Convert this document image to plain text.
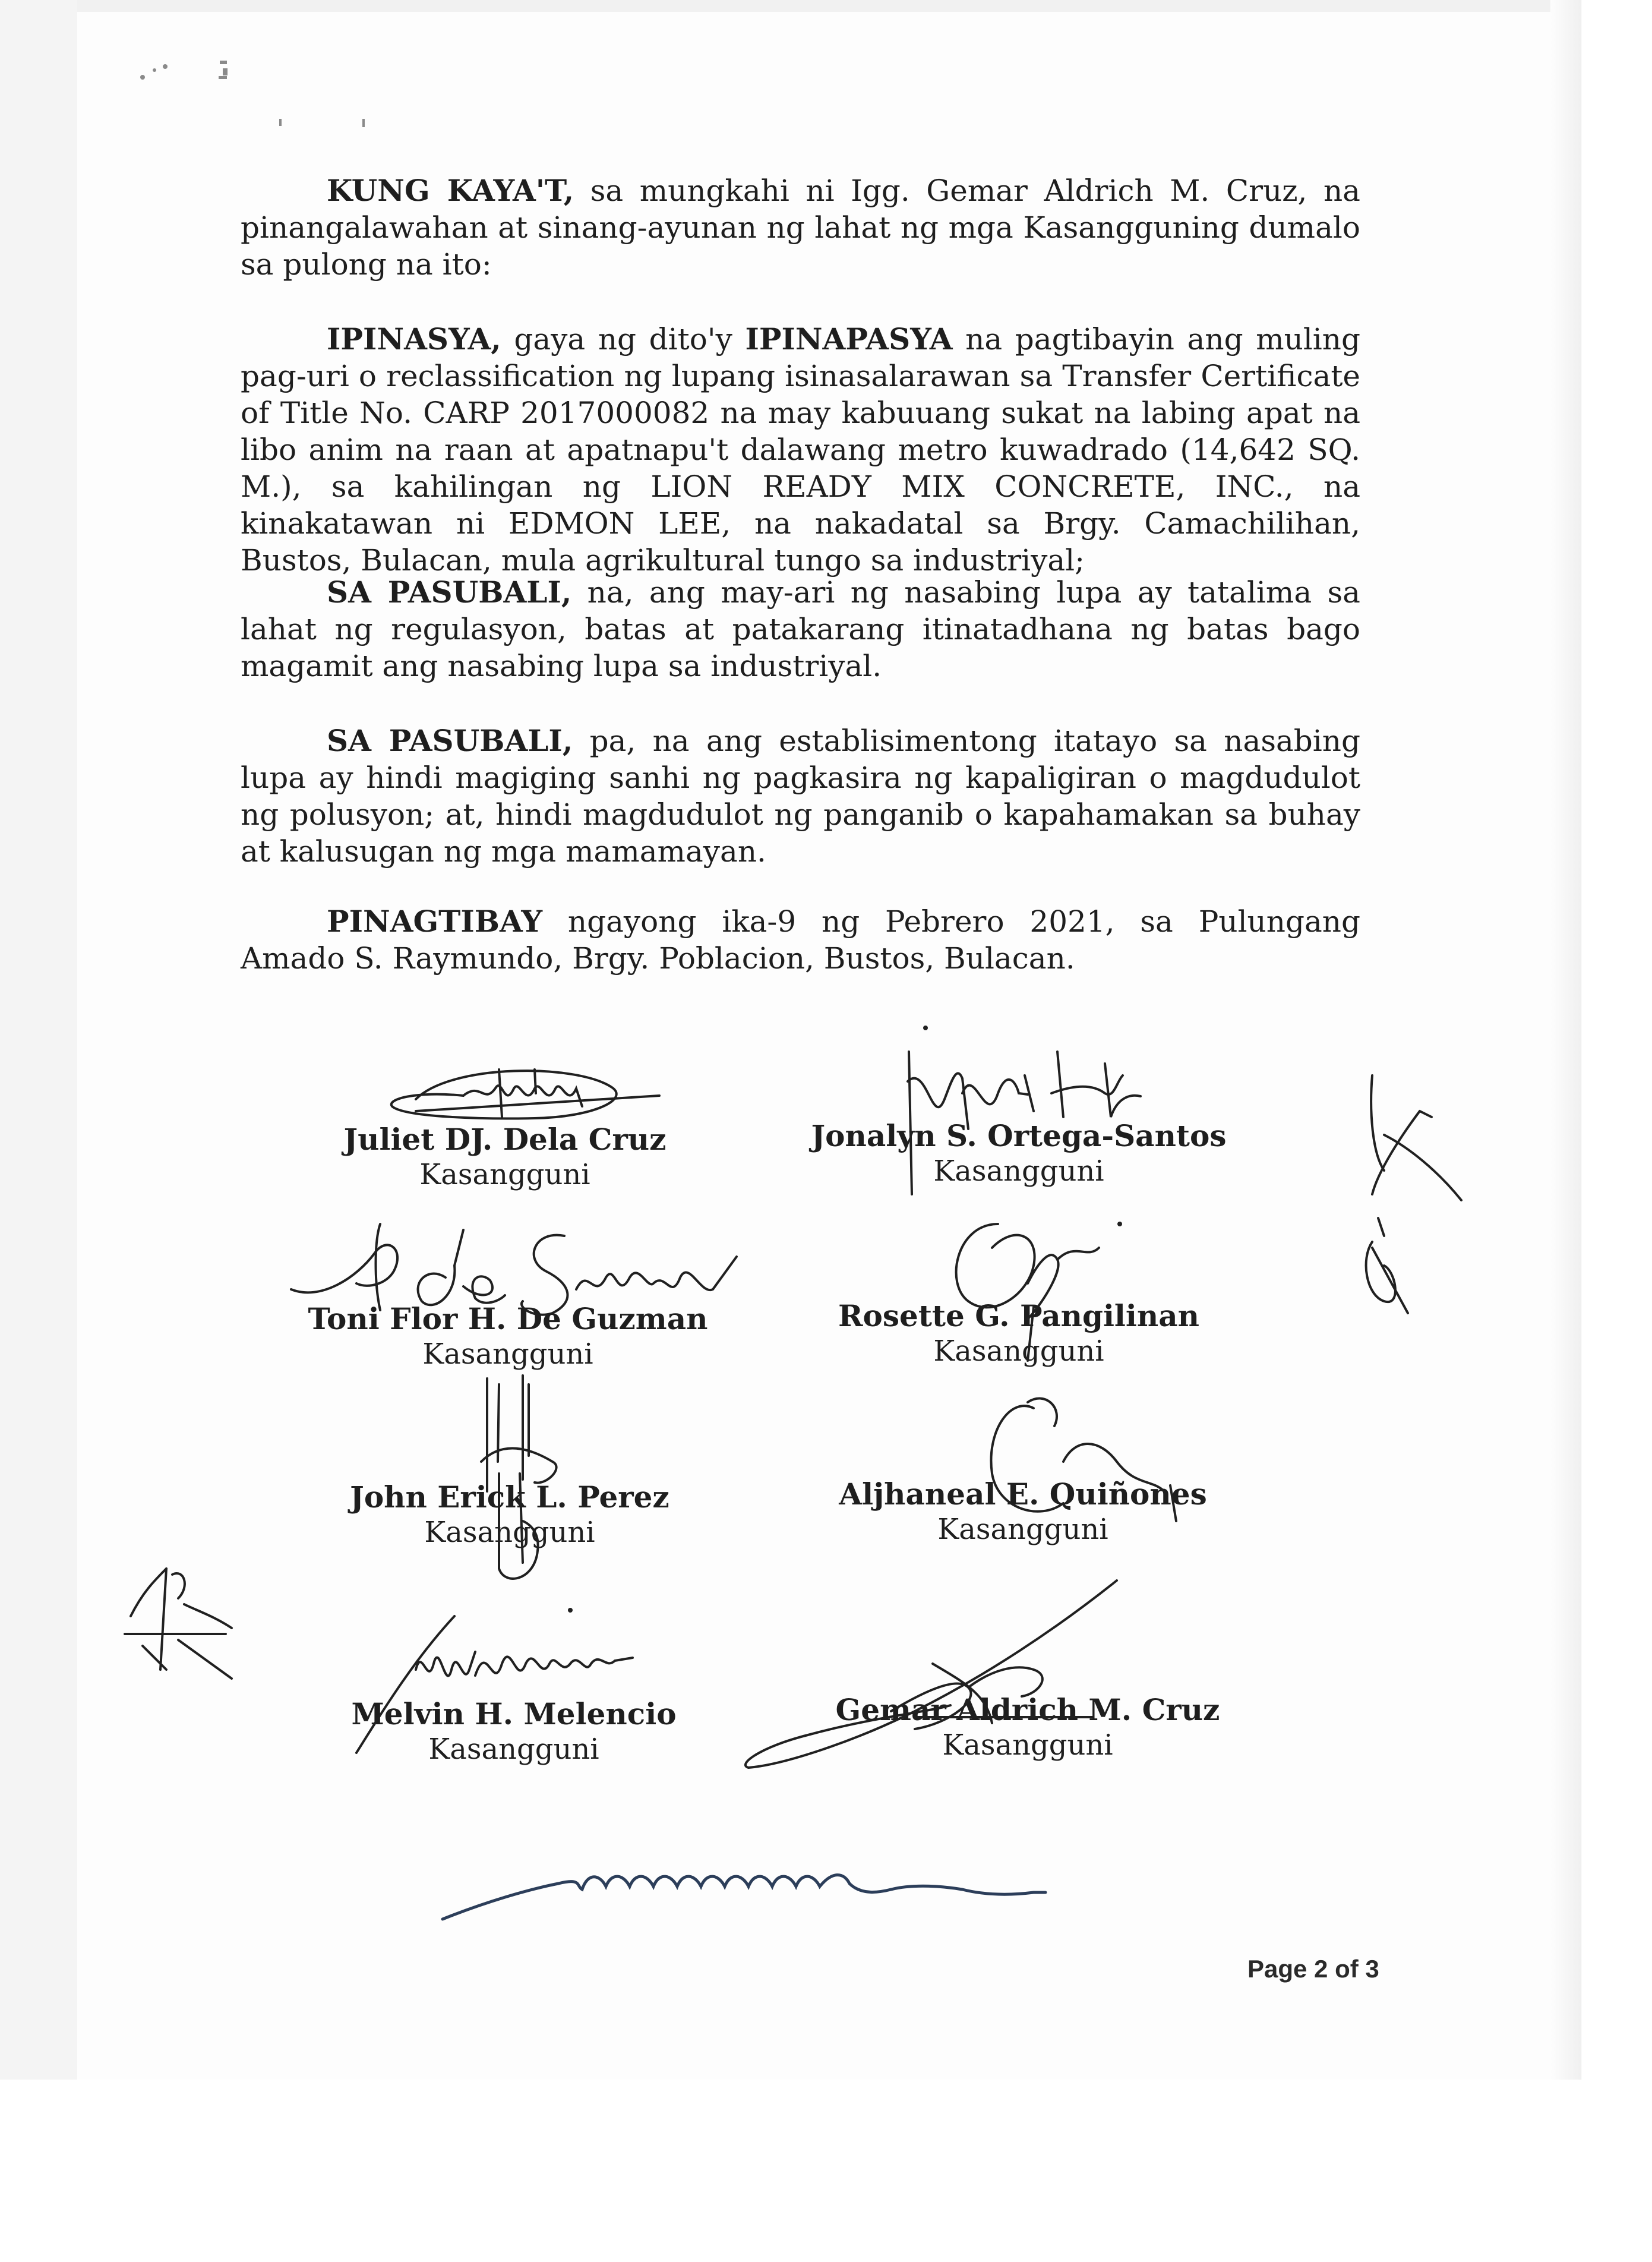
KUNG KAYA'T, sa mungkahi ni Igg. Gemar Aldrich M. Cruz, na pinangalawahan at sinang-ayunan ng lahat ng mga Kasangguning dumalo sa pulong na ito:
IPINASYA, gaya ng dito'y IPINAPASYA na pagtibayin ang muling pag-uri o reclassification ng lupang isinasalarawan sa Transfer Certificate of Title No. CARP 2017000082 na may kabuuang sukat na labing apat na libo anim na raan at apatnapu't dalawang metro kuwadrado (14,642 SQ. M.), sa kahilingan ng LION READY MIX CONCRETE, INC., na kinakatawan ni EDMON LEE, na nakadatal sa Brgy. Camachilihan, Bustos, Bulacan, mula agrikultural tungo sa industriyal;
SA PASUBALI, na, ang may-ari ng nasabing lupa ay tatalima sa lahat ng regulasyon, batas at patakarang itinatadhana ng batas bago magamit ang nasabing lupa sa industriyal.
SA PASUBALI, pa, na ang establisimentong itatayo sa nasabing lupa ay hindi magiging sanhi ng pagkasira ng kapaligiran o magdudulot ng polusyon; at, hindi magdudulot ng panganib o kapahamakan sa buhay at kalusugan ng mga mamamayan.
PINAGTIBAY ngayong ika-9 ng Pebrero 2021, sa Pulungang Amado S. Raymundo, Brgy. Poblacion, Bustos, Bulacan.
Juliet DJ. Dela Cruz
Kasangguni
Jonalyn S. Ortega-Santos
Kasangguni
Toni Flor H. De Guzman
Kasangguni
Rosette G. Pangilinan
Kasangguni
John Erick L. Perez
Kasangguni
Aljhaneal E. Quiñones
Kasangguni
Melvin H. Melencio
Kasangguni
Gemar Aldrich M. Cruz
Kasangguni
Page 2 of 3
